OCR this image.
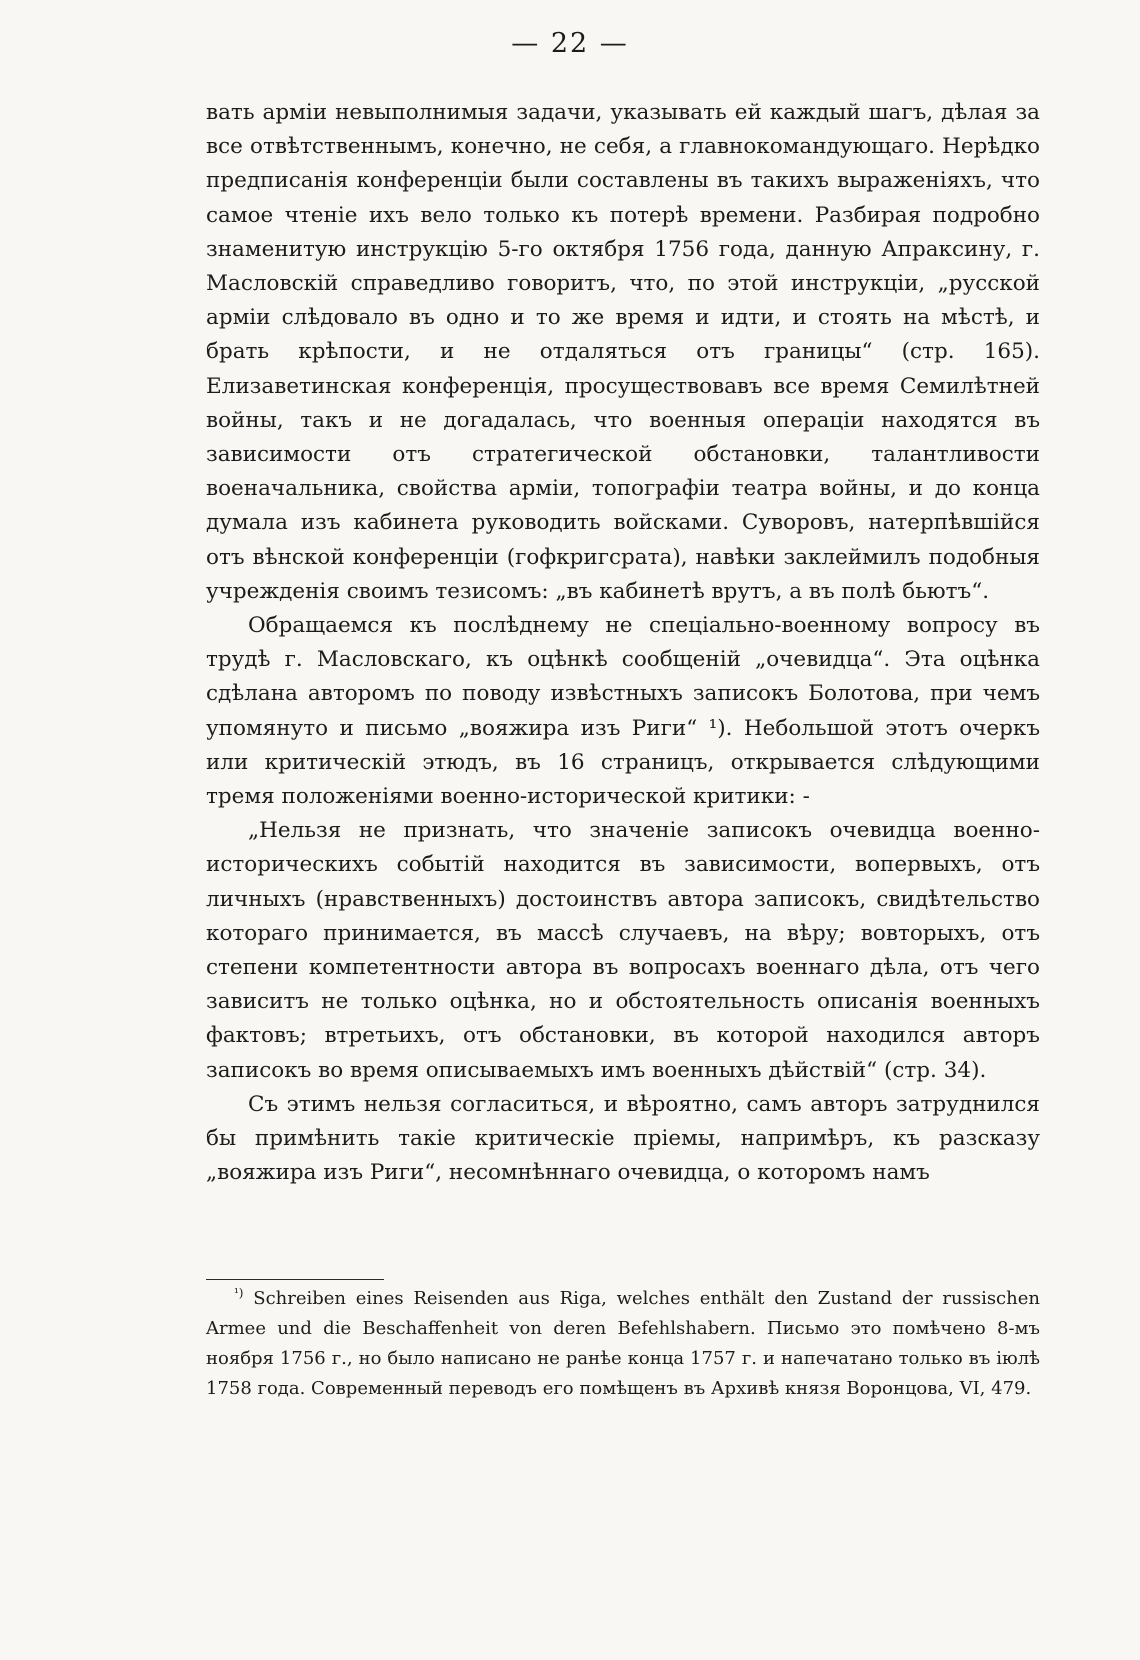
— 22 —

вать арміи невыполнимыя задачи, указывать ей каждый шагъ, дѣлая за все отвѣтственнымъ, конечно, не себя, а главнокомандующаго. Нерѣдко предписанія конференціи были составлены въ такихъ выраженіяхъ, что самое чтеніе ихъ вело только къ потерѣ времени. Разбирая подробно знаменитую инструкцію 5-го октября 1756 года, данную Апраксину, г. Масловскій справедливо говоритъ, что, по этой инструкціи, „русской арміи слѣдовало въ одно и то же время и идти, и стоять на мѣстѣ, и брать крѣпости, и не отдаляться отъ границы“ (стр. 165). Елизаветинская конференція, просуществовавъ все время Семилѣтней войны, такъ и не догадалась, что военныя операціи находятся въ зависимости отъ стратегической обстановки, талантливости военачальника, свойства арміи, топографіи театра войны, и до конца думала изъ кабинета руководить войсками. Суворовъ, натерпѣвшійся отъ вѣнской конференціи (гофкригсрата), навѣки заклеймилъ подобныя учрежденія своимъ тезисомъ: „въ кабинетѣ врутъ, а въ полѣ бьютъ“.

Обращаемся къ послѣднему не спеціально-военному вопросу въ трудѣ г. Масловскаго, къ оцѣнкѣ сообщеній „очевидца“. Эта оцѣнка сдѣлана авторомъ по поводу извѣстныхъ записокъ Болотова, при чемъ упомянуто и письмо „вояжира изъ Риги“ ¹). Небольшой этотъ очеркъ или критическій этюдъ, въ 16 страницъ, открывается слѣдующими тремя положеніями военно-исторической критики: -

„Нельзя не признать, что значеніе записокъ очевидца военно-историческихъ событій находится въ зависимости, вопервыхъ, отъ личныхъ (нравственныхъ) достоинствъ автора записокъ, свидѣтельство котораго принимается, въ массѣ случаевъ, на вѣру; вовторыхъ, отъ степени компетентности автора въ вопросахъ военнаго дѣла, отъ чего зависитъ не только оцѣнка, но и обстоятельность описанія военныхъ фактовъ; втретьихъ, отъ обстановки, въ которой находился авторъ записокъ во время описываемыхъ имъ военныхъ дѣйствій“ (стр. 34).

Съ этимъ нельзя согласиться, и вѣроятно, самъ авторъ затруднился бы примѣнить такіе критическіе пріемы, напримѣръ, къ разсказу „вояжира изъ Риги“, несомнѣннаго очевидца, о которомъ намъ

$^{^1)}$ Schreiben eines Reisenden aus Riga, welches enthält den Zustand der russischen Armee und die Beschaffenheit von deren Befehlshabern. Письмо это помѣчено 8-мъ ноября 1756 г., но было написано не ранѣе конца 1757 г. и напечатано только въ іюлѣ 1758 года. Современный переводъ его помѣщенъ въ Архивѣ князя Воронцова, VI, 479.
